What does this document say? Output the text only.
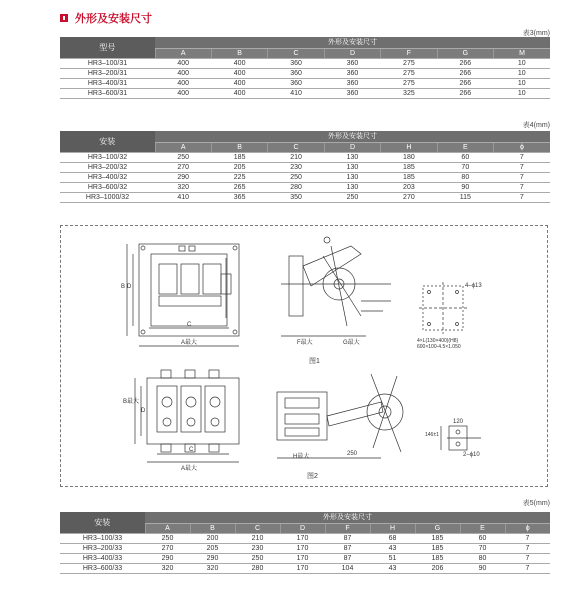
外形及安装尺寸
表3(mm)
型号	外形及安装尺寸						
	A	B	C	D	F	G	M
HR3–100/31	400	400	360	360	275	266	10
HR3–200/31	400	400	360	360	275	266	10
HR3–400/31	400	400	360	360	275	266	10
HR3–600/31	400	400	410	360	325	266	10
表4(mm)
安装	外形及安装尺寸						
	A	B	C	D	H	E	ϕ
HR3–100/32	250	185	210	130	180	60	7
HR3–200/32	270	205	230	130	185	70	7
HR3–400/32	290	225	250	130	185	80	7
HR3–600/32	320	265	280	130	203	90	7
HR3–1000/32	410	365	350	250	270	115	7
B D
C
A最大	F最大	G最大
4–ϕ13
4×L(130×400)(H8)
600×100-4.5×1.050
图1
B最大
D
C
A最大
H最大	250
120
146±1
2–ϕ10
图2
表5(mm)
安装	外形及安装尺寸								
	A	B	C	D	F	H	G	E	ϕ
HR3–100/33	250	200	210	170	87	68	185	60	7
HR3–200/33	270	205	230	170	87	43	185	70	7
HR3–400/33	290	290	250	170	87	51	185	80	7
HR3–600/33	320	320	280	170	104	43	206	90	7
